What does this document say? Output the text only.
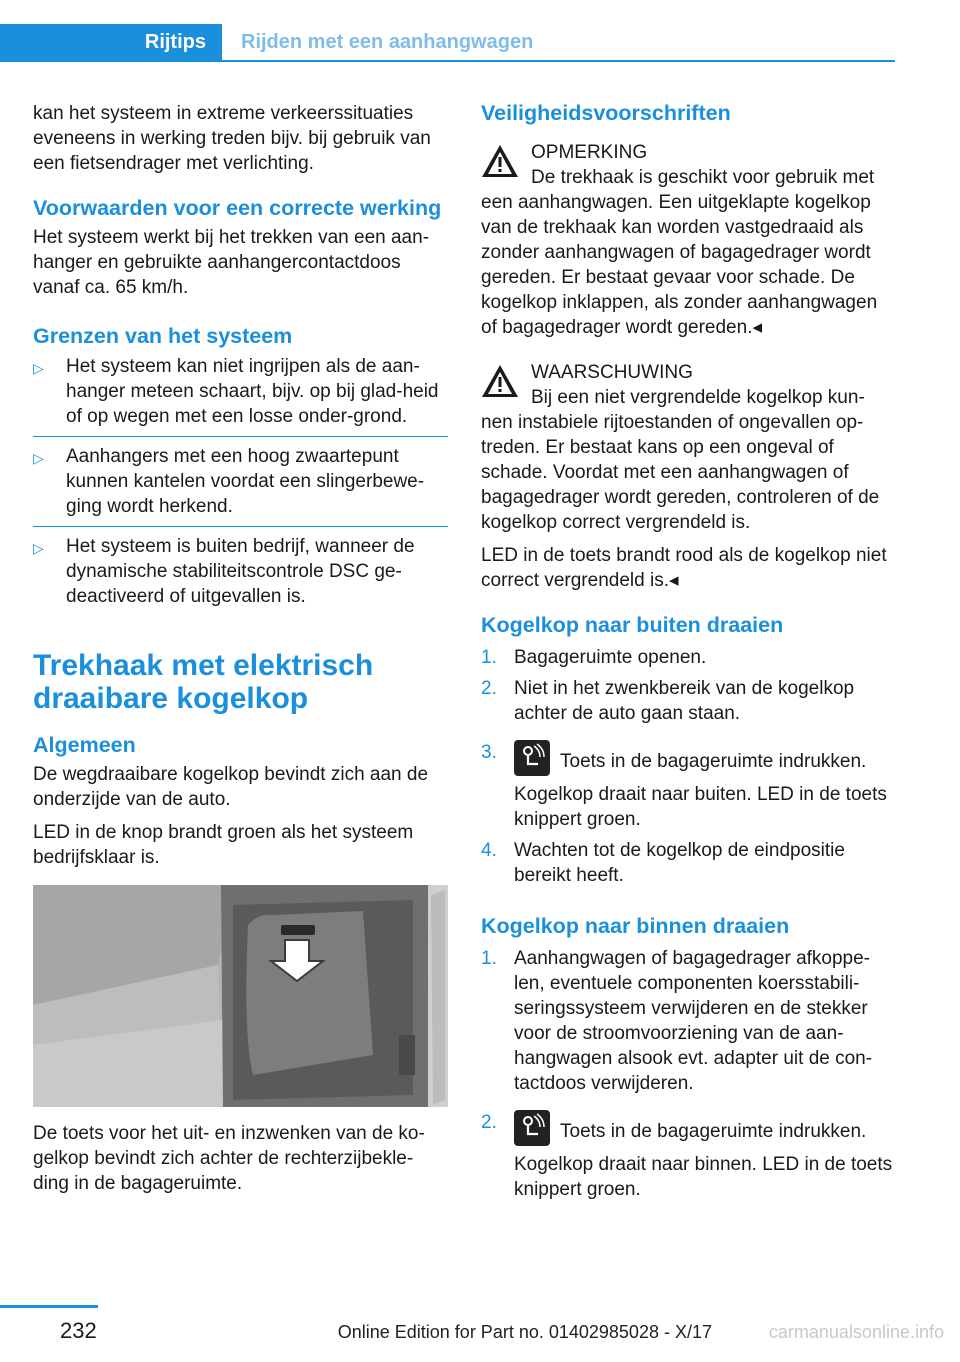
Rijtips	Rijden met een aanhangwagen

kan het systeem in extreme verkeerssituaties eveneens in werking treden bijv. bij gebruik van een fietsendrager met verlichting.

Voorwaarden voor een correcte werking

Het systeem werkt bij het trekken van een aan-hanger en gebruikte aanhangercontactdoos vanaf ca. 65 km/h.

Grenzen van het systeem
▷ Het systeem kan niet ingrijpen als de aan-hanger meteen schaart, bijv. op bij glad-heid of op wegen met een losse onder-grond.
▷ Aanhangers met een hoog zwaartepunt kunnen kantelen voordat een slingerbewe-ging wordt herkend.
▷ Het systeem is buiten bedrijf, wanneer de dynamische stabiliteitscontrole DSC ge-deactiveerd of uitgevallen is.
Trekhaak met elektrisch draaibare kogelkop
Algemeen

De wegdraaibare kogelkop bevindt zich aan de onderzijde van de auto.

LED in de knop brandt groen als het systeem bedrijfsklaar is.

De toets voor het uit- en inzwenken van de ko-gelkop bevindt zich achter de rechterzijbekle-ding in de bagageruimte.

Veiligheidsvoorschriften
OPMERKING

De trekhaak is geschikt voor gebruik met een aanhangwagen. Een uitgeklapte kogelkop van de trekhaak kan worden vastgedraaid als zonder aanhangwagen of bagagedrager wordt gereden. Er bestaat gevaar voor schade. De kogelkop inklappen, als zonder aanhangwagen of bagagedrager wordt gereden.◂

WAARSCHUWING

Bij een niet vergrendelde kogelkop kun-nen instabiele rijtoestanden of ongevallen op-treden. Er bestaat kans op een ongeval of schade. Voordat met een aanhangwagen of bagagedrager wordt gereden, controleren of de kogelkop correct vergrendeld is.

LED in de toets brandt rood als de kogelkop niet correct vergrendeld is.◂

Kogelkop naar buiten draaien
1. Bagageruimte openen.
2. Niet in het zwenkbereik van de kogelkop achter de auto gaan staan.
3.	Toets in de bagageruimte indrukken.
Kogelkop draait naar buiten. LED in de toets knippert groen.
4. Wachten tot de kogelkop de eindpositie bereikt heeft.
Kogelkop naar binnen draaien
1. Aanhangwagen of bagagedrager afkoppe-len, eventuele componenten koersstabili-seringssysteem verwijderen en de stekker voor de stroomvoorziening van de aan-hangwagen alsook evt. adapter uit de con-tactdoos verwijderen.
2.	Toets in de bagageruimte indrukken.
Kogelkop draait naar binnen. LED in de toets knippert groen.
232	Online Edition for Part no. 01402985028 - X/17	carmanualsonline.info
